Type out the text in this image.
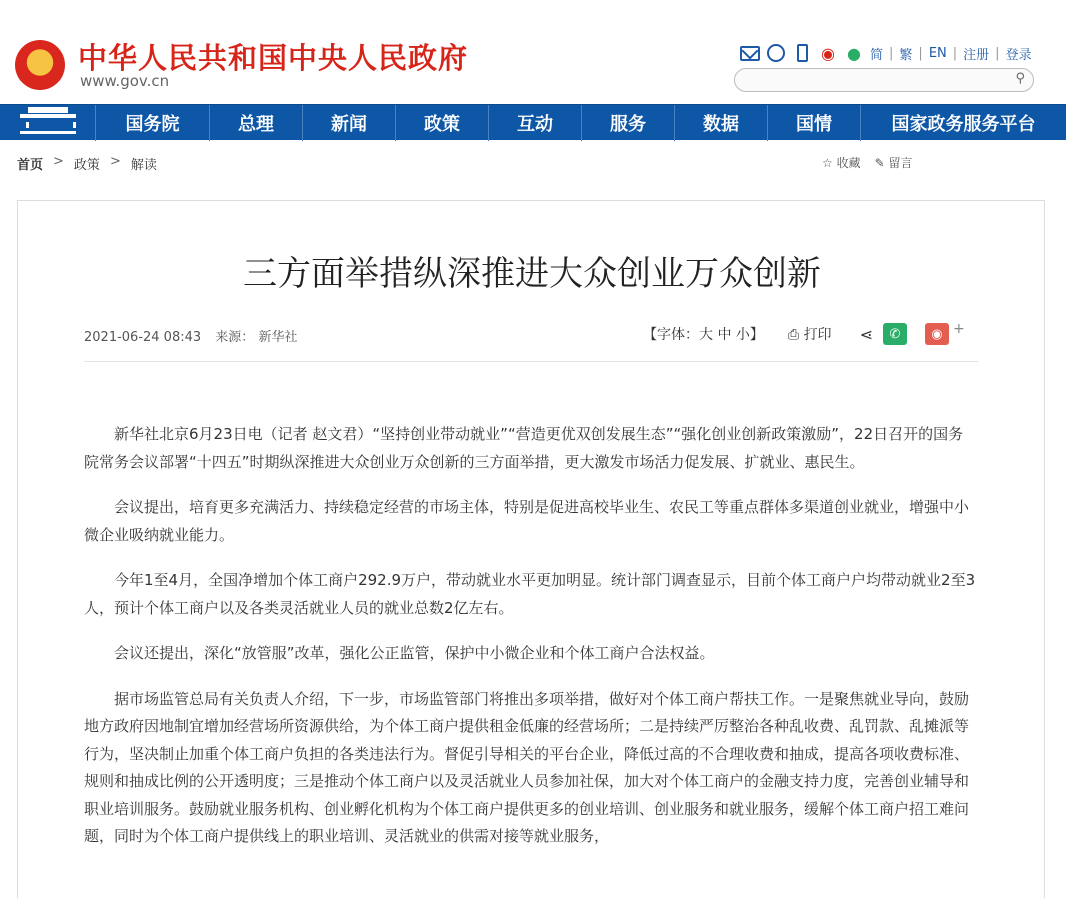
★ 中华人民共和国中央人民政府
www.gov.cn
◉ ● 简 | 繁 | EN | 注册 | 登录
⚲
国务院	总理	新闻	政策	互动	服务	数据	国情	国家政务服务平台
首页 > 政策 > 解读	☆ 收藏 ✎ 留言
三方面举措纵深推进大众创业万众创新
2021-06-24 08:43 来源： 新华社	【字体：大 中 小】 ⎙ 打印 ⋖	✆	◉ +

新华社北京6月23日电（记者 赵文君）“坚持创业带动就业”“营造更优双创发展生态”“强化创业创新政策激励”，22日召开的国务院常务会议部署“十四五”时期纵深推进大众创业万众创新的三方面举措，更大激发市场活力促发展、扩就业、惠民生。

会议提出，培育更多充满活力、持续稳定经营的市场主体，特别是促进高校毕业生、农民工等重点群体多渠道创业就业，增强中小微企业吸纳就业能力。

今年1至4月，全国净增加个体工商户292.9万户，带动就业水平更加明显。统计部门调查显示，目前个体工商户户均带动就业2至3人，预计个体工商户以及各类灵活就业人员的就业总数2亿左右。

会议还提出，深化“放管服”改革，强化公正监管，保护中小微企业和个体工商户合法权益。

据市场监管总局有关负责人介绍，下一步，市场监管部门将推出多项举措，做好对个体工商户帮扶工作。一是聚焦就业导向，鼓励地方政府因地制宜增加经营场所资源供给，为个体工商户提供租金低廉的经营场所；二是持续严厉整治各种乱收费、乱罚款、乱摊派等行为，坚决制止加重个体工商户负担的各类违法行为。督促引导相关的平台企业，降低过高的不合理收费和抽成，提高各项收费标准、规则和抽成比例的公开透明度；三是推动个体工商户以及灵活就业人员参加社保，加大对个体工商户的金融支持力度，完善创业辅导和职业培训服务。鼓励就业服务机构、创业孵化机构为个体工商户提供更多的创业培训、创业服务和就业服务，缓解个体工商户招工难问题，同时为个体工商户提供线上的职业培训、灵活就业的供需对接等就业服务，
